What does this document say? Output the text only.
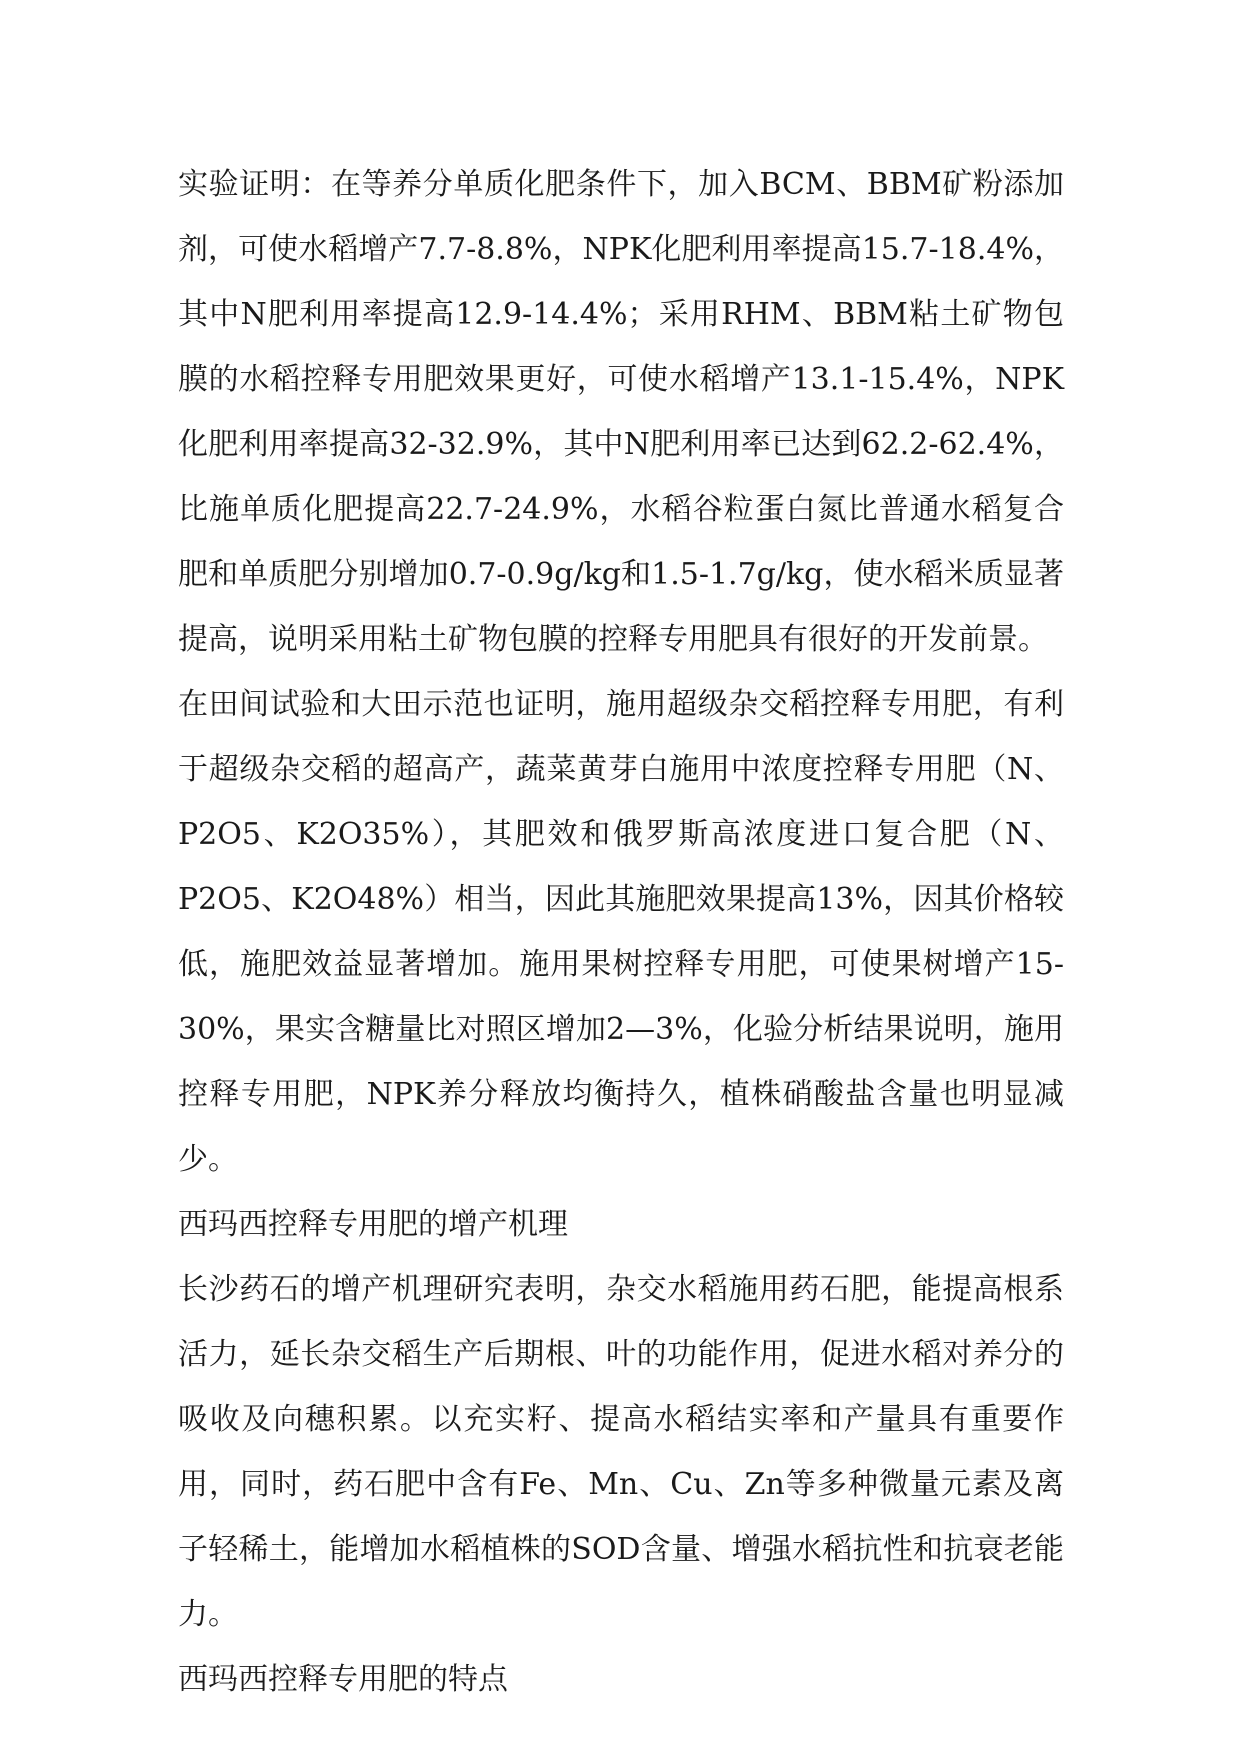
实验证明：在等养分单质化肥条件下，加入BCM、BBM矿粉添加剂，可使水稻增产7.7-8.8%，NPK化肥利用率提高15.7-18.4%，其中N肥利用率提高12.9-14.4%；采用RHM、BBM粘土矿物包膜的水稻控释专用肥效果更好，可使水稻增产13.1-15.4%，NPK化肥利用率提高32-32.9%，其中N肥利用率已达到62.2-62.4%，比施单质化肥提高22.7-24.9%，水稻谷粒蛋白氮比普通水稻复合肥和单质肥分别增加0.7-0.9g/kg和1.5-1.7g/kg，使水稻米质显著提高，说明采用粘土矿物包膜的控释专用肥具有很好的开发前景。

在田间试验和大田示范也证明，施用超级杂交稻控释专用肥，有利于超级杂交稻的超高产，蔬菜黄芽白施用中浓度控释专用肥（N、P2O5、K2O35%），其肥效和俄罗斯高浓度进口复合肥（N、P2O5、K2O48%）相当，因此其施肥效果提高13%，因其价格较低，施肥效益显著增加。施用果树控释专用肥，可使果树增产15-30%，果实含糖量比对照区增加2—3%，化验分析结果说明，施用控释专用肥，NPK养分释放均衡持久，植株硝酸盐含量也明显减少。

西玛西控释专用肥的增产机理

长沙药石的增产机理研究表明，杂交水稻施用药石肥，能提高根系活力，延长杂交稻生产后期根、叶的功能作用，促进水稻对养分的吸收及向穗积累。以充实籽、提高水稻结实率和产量具有重要作用，同时，药石肥中含有Fe、Mn、Cu、Zn等多种微量元素及离子轻稀土，能增加水稻植株的SOD含量、增强水稻抗性和抗衰老能力。

西玛西控释专用肥的特点
